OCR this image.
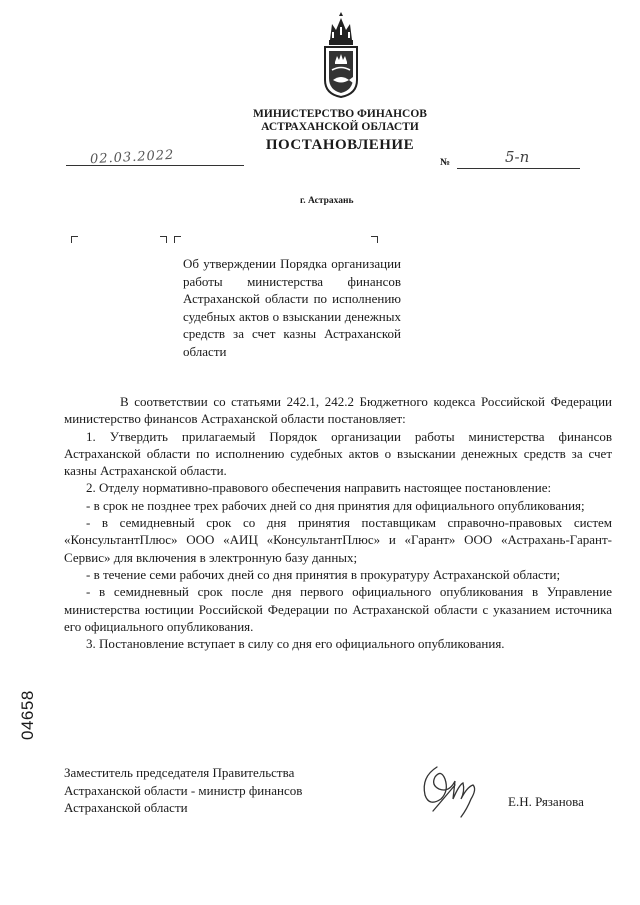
МИНИСТЕРСТВО ФИНАНСОВ
АСТРАХАНСКОЙ ОБЛАСТИ
ПОСТАНОВЛЕНИЕ
02.03.2022	№	5-п
г. Астрахань
Об утверждении Порядка организации работы министерства финансов Астраханской области по исполнению судебных актов о взыскании денежных средств за счет казны Астраханской области

В соответствии со статьями 242.1, 242.2 Бюджетного кодекса Российской Федерации министерство финансов Астраханской области постановляет:

1. Утвердить прилагаемый Порядок организации работы министерства финансов Астраханской области по исполнению судебных актов о взыскании денежных средств за счет казны Астраханской области.

2. Отделу нормативно-правового обеспечения направить настоящее постановление:

- в срок не позднее трех рабочих дней со дня принятия для официального опубликования;

- в семидневный срок со дня принятия поставщикам справочно-правовых систем «КонсультантПлюс» ООО «АИЦ «КонсультантПлюс» и «Гарант» ООО «Астрахань-Гарант-Сервис» для включения в электронную базу данных;

- в течение семи рабочих дней со дня принятия в прокуратуру Астраханской области;

- в семидневный срок после дня первого официального опубликования в Управление министерства юстиции Российской Федерации по Астраханской области с указанием источника его официального опубликования.

3. Постановление вступает в силу со дня его официального опубликования.

Заместитель председателя Правительства
Астраханской области - министр финансов
Астраханской области	Е.Н. Рязанова
04658
